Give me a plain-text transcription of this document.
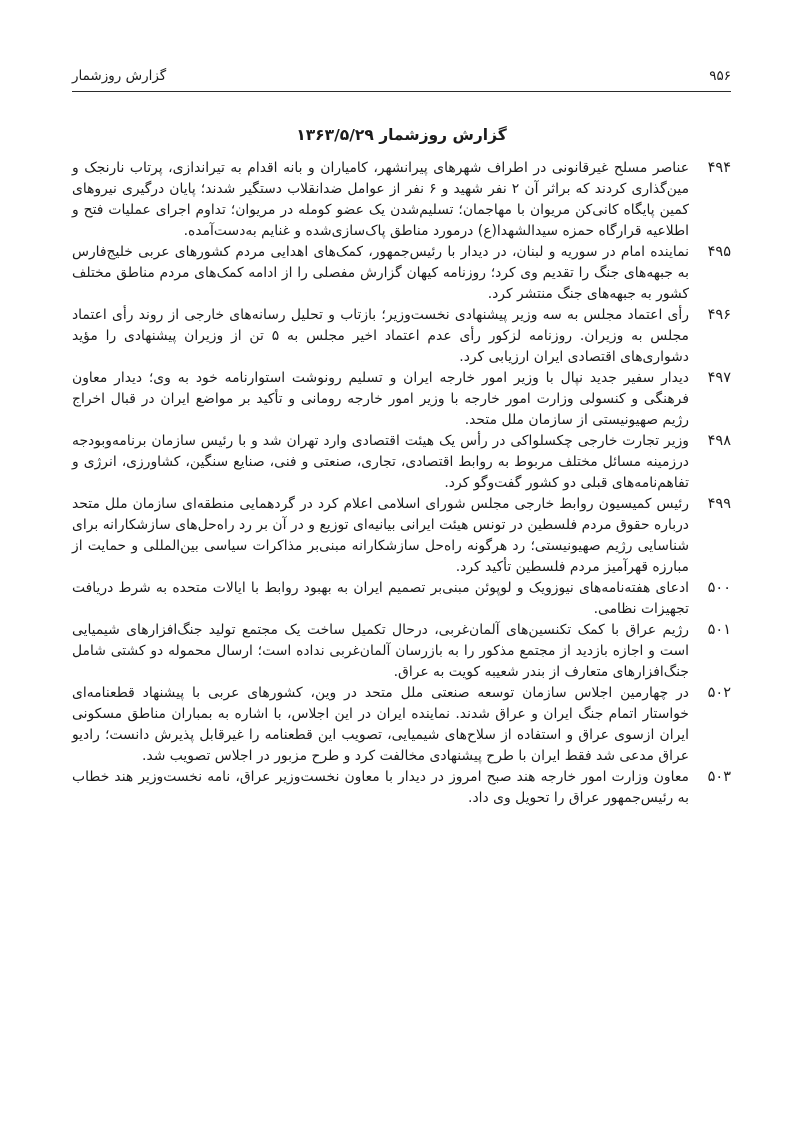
۹۵۶
گزارش روزشمار
گزارش روزشمار ۱۳۶۳/۵/۲۹
۴۹۴

عناصر مسلح غیرقانونی در اطراف شهرهای پیرانشهر، کامیاران و بانه اقدام به تیراندازی، پرتاب نارنجک و مین‌گذاری کردند که براثر آن ۲ نفر شهید و ۶ نفر از عوامل ضدانقلاب دستگیر شدند؛ پایان درگیری نیروهای کمین پایگاه کانی‌کن مریوان با مهاجمان؛ تسلیم‌شدن یک عضو کومله در مریوان؛ تداوم اجرای عملیات فتح و اطلاعیه قرارگاه حمزه سیدالشهدا(ع) درمورد مناطق پاک‌سازی‌شده و غنایم به‌دست‌آمده.

۴۹۵

نماینده امام در سوریه و لبنان، در دیدار با رئیس‌جمهور، کمک‌های اهدایی مردم کشورهای عربی خلیج‌فارس به جبهه‌های جنگ را تقدیم وی کرد؛ روزنامه کیهان گزارش مفصلی را از ادامه کمک‌های مردم مناطق مختلف کشور به جبهه‌های جنگ منتشر کرد.

۴۹۶

رأی اعتماد مجلس به سه وزیر پیشنهادی نخست‌وزیر؛ بازتاب و تحلیل رسانه‌های خارجی از روند رأی اعتماد مجلس به وزیران. روزنامه لزکور رأی عدم اعتماد اخیر مجلس به ۵ تن از وزیران پیشنهادی را مؤید دشواری‌های اقتصادی ایران ارزیابی کرد.

۴۹۷

دیدار سفیر جدید نپال با وزیر امور خارجه ایران و تسلیم رونوشت استوارنامه خود به وی؛ دیدار معاون فرهنگی و کنسولی وزارت امور خارجه با وزیر امور خارجه رومانی و تأکید بر مواضع ایران در قبال اخراج رژیم صهیونیستی از سازمان ملل متحد.

۴۹۸

وزیر تجارت خارجی چکسلواکی در رأس یک هیئت اقتصادی وارد تهران شد و با رئیس سازمان برنامه‌وبودجه درزمینه مسائل مختلف مربوط به روابط اقتصادی، تجاری، صنعتی و فنی، صنایع سنگین، کشاورزی، انرژی و تفاهم‌نامه‌های قبلی دو کشور گفت‌وگو کرد.

۴۹۹

رئیس کمیسیون روابط خارجی مجلس شورای اسلامی اعلام کرد در گردهمایی منطقه‌ای سازمان ملل متحد درباره حقوق مردم فلسطین در تونس هیئت ایرانی بیانیه‌ای توزیع و در آن بر رد راه‌حل‌های سازشکارانه برای شناسایی رژیم صهیونیستی؛ رد هرگونه راه‌حل سازشکارانه مبنی‌بر مذاکرات سیاسی بین‌المللی و حمایت از مبارزه قهرآمیز مردم فلسطین تأکید کرد.

۵۰۰

ادعای هفته‌نامه‌های نیوزویک و لوپوئن مبنی‌بر تصمیم ایران به بهبود روابط با ایالات متحده به شرط دریافت تجهیزات نظامی.

۵۰۱

رژیم عراق با کمک تکنسین‌های آلمان‌غربی، درحال تکمیل ساخت یک مجتمع تولید جنگ‌افزارهای شیمیایی است و اجازه بازدید از مجتمع مذکور را به بازرسان آلمان‌غربی نداده است؛ ارسال محموله دو کشتی شامل جنگ‌افزارهای متعارف از بندر شعیبه کویت به عراق.

۵۰۲

در چهارمین اجلاس سازمان توسعه صنعتی ملل متحد در وین، کشورهای عربی با پیشنهاد قطعنامه‌ای خواستار اتمام جنگ ایران و عراق شدند. نماینده ایران در این اجلاس، با اشاره به بمباران مناطق مسکونی ایران ازسوی عراق و استفاده از سلاح‌های شیمیایی، تصویب این قطعنامه را غیرقابل پذیرش دانست؛ رادیو عراق مدعی شد فقط ایران با طرح پیشنهادی مخالفت کرد و طرح مزبور در اجلاس تصویب شد.

۵۰۳

معاون وزارت امور خارجه هند صبح امروز در دیدار با معاون نخست‌وزیر عراق، نامه نخست‌وزیر هند خطاب به رئیس‌جمهور عراق را تحویل وی داد.
